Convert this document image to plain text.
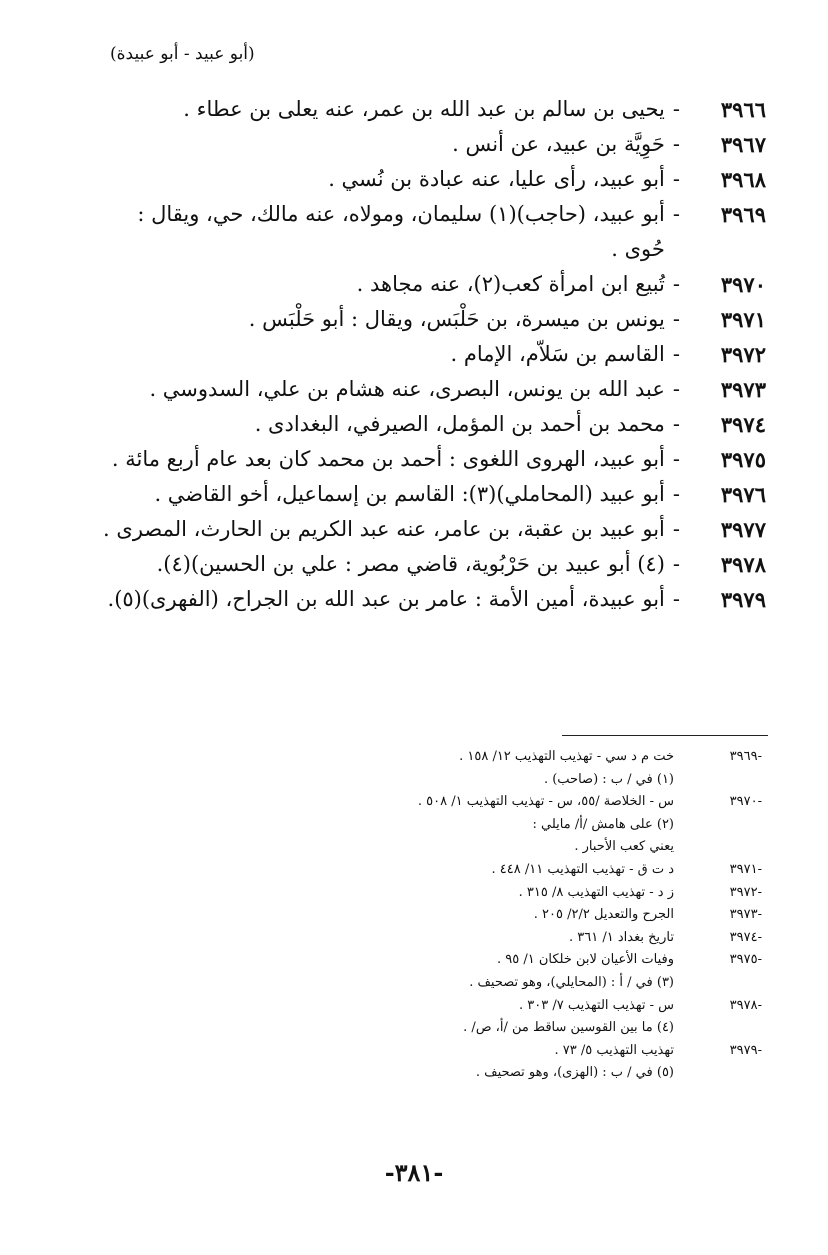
(أبو عبيد - أبو عبيدة)
٣٩٦٦
-
يحيى بن سالم بن عبد الله بن عمر، عنه يعلى بن عطاء .
٣٩٦٧
-
حَوِيَّة بن عبيد، عن أنس .
٣٩٦٨
-
أبو عبيد، رأى عليا، عنه عبادة بن نُسي .
٣٩٦٩
-
أبو عبيد، (حاجب)(١) سليمان، ومولاه، عنه مالك، حي، ويقال :
حُوى .
٣٩٧٠
-
تُبيع ابن امرأة كعب(٢)، عنه مجاهد .
٣٩٧١
-
يونس بن ميسرة، بن حَلْبَس، ويقال : أبو حَلْبَس .
٣٩٧٢
-
القاسم بن سَلاّم، الإمام .
٣٩٧٣
-
عبد الله بن يونس، البصرى، عنه هشام بن علي، السدوسي .
٣٩٧٤
-
محمد بن أحمد بن المؤمل، الصيرفي، البغدادى .
٣٩٧٥
-
أبو عبيد، الهروى اللغوى : أحمد بن محمد كان بعد عام أربع مائة .
٣٩٧٦
-
أبو عبيد (المحاملي)(٣): القاسم بن إسماعيل، أخو القاضي .
٣٩٧٧
-
أبو عبيد بن عقبة، بن عامر، عنه عبد الكريم بن الحارث، المصرى .
٣٩٧٨
-
(٤) أبو عبيد بن حَرْبُوية، قاضي مصر : علي بن الحسين)(٤).
٣٩٧٩
-
أبو عبيدة، أمين الأمة : عامر بن عبد الله بن الجراح، (الفهرى)(٥).
-٣٩٦٩
خت م د سي - تهذيب التهذيب ١٢/ ١٥٨ .
(١) في / ب : (صاحب) .
-٣٩٧٠
س - الخلاصة /٥٥، س - تهذيب التهذيب ١/ ٥٠٨ .
(٢) على هامش /أ/ مايلي :
يعني كعب الأحبار .
-٣٩٧١
د ت ق - تهذيب التهذيب ١١/ ٤٤٨ .
-٣٩٧٢
ز د - تهذيب التهذيب ٨/ ٣١٥ .
-٣٩٧٣
الجرح والتعديل ٢/٢/ ٢٠٥ .
-٣٩٧٤
تاريخ بغداد ١/ ٣٦١ .
-٣٩٧٥
وفيات الأعيان لابن خلكان ١/ ٩٥ .
(٣) في / أ : (المحايلي)، وهو تصحيف .
-٣٩٧٨
س - تهذيب التهذيب ٧/ ٣٠٣ .
(٤) ما بين القوسين ساقط من /أ، ص/ .
-٣٩٧٩
تهذيب التهذيب ٥/ ٧٣ .
(٥) في / ب : (الهزى)، وهو تصحيف .
-٣٨١-
